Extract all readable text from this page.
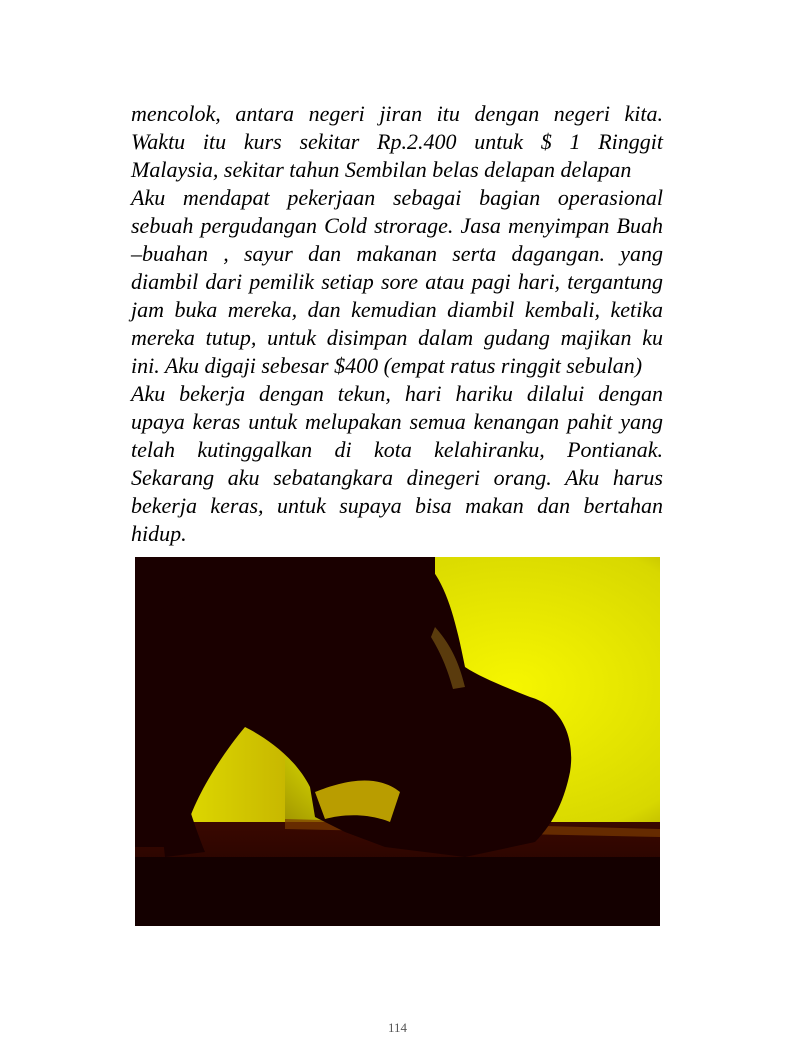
mencolok, antara negeri jiran itu dengan negeri kita.
Waktu itu kurs sekitar Rp.2.400 untuk $ 1 Ringgit
Malaysia, sekitar tahun Sembilan belas delapan delapan
Aku mendapat pekerjaan sebagai bagian operasional
sebuah pergudangan Cold strorage. Jasa menyimpan Buah
–buahan , sayur dan makanan serta dagangan. yang
diambil dari pemilik setiap sore atau pagi hari, tergantung
jam buka mereka, dan kemudian diambil kembali, ketika
mereka tutup, untuk disimpan dalam gudang majikan ku
ini. Aku digaji sebesar $400 (empat ratus ringgit sebulan)
Aku bekerja dengan tekun, hari hariku dilalui dengan
upaya keras untuk melupakan semua kenangan pahit yang
telah kutinggalkan di kota kelahiranku, Pontianak.
Sekarang aku sebatangkara dinegeri orang. Aku harus
bekerja keras, untuk supaya bisa makan dan bertahan
hidup.
114
